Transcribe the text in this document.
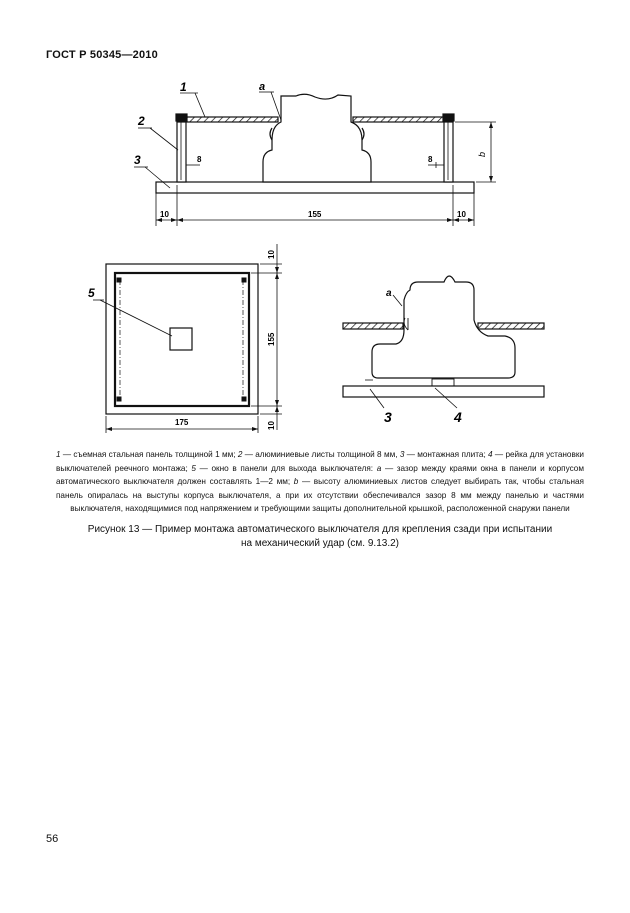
ГОСТ Р 50345—2010
1	a
2
3	b
8	8
10	155	10
5
175
155
10
10
a
3	4
1 — съемная стальная панель толщиной 1 мм; 2 — алюминиевые листы толщиной 8 мм, 3 — монтажная плита; 4 — рейка для установки выключателей реечного монтажа; 5 — окно в панели для выхода выключателя: а — зазор между краями окна в панели и корпусом автоматического выключателя должен составлять 1—2 мм; b — высоту алюминиевых листов следует выбирать так, чтобы стальная панель опиралась на выступы корпуса выключателя, а при их отсутствии обеспечивался зазор 8 мм между панелью и частями выключателя, находящимися под напряжением и требующими защиты дополнительной крышкой, расположенной снаружи панели
Рисунок 13 — Пример монтажа автоматического выключателя для крепления сзади при испытании
на механический удар (см. 9.13.2)
56
